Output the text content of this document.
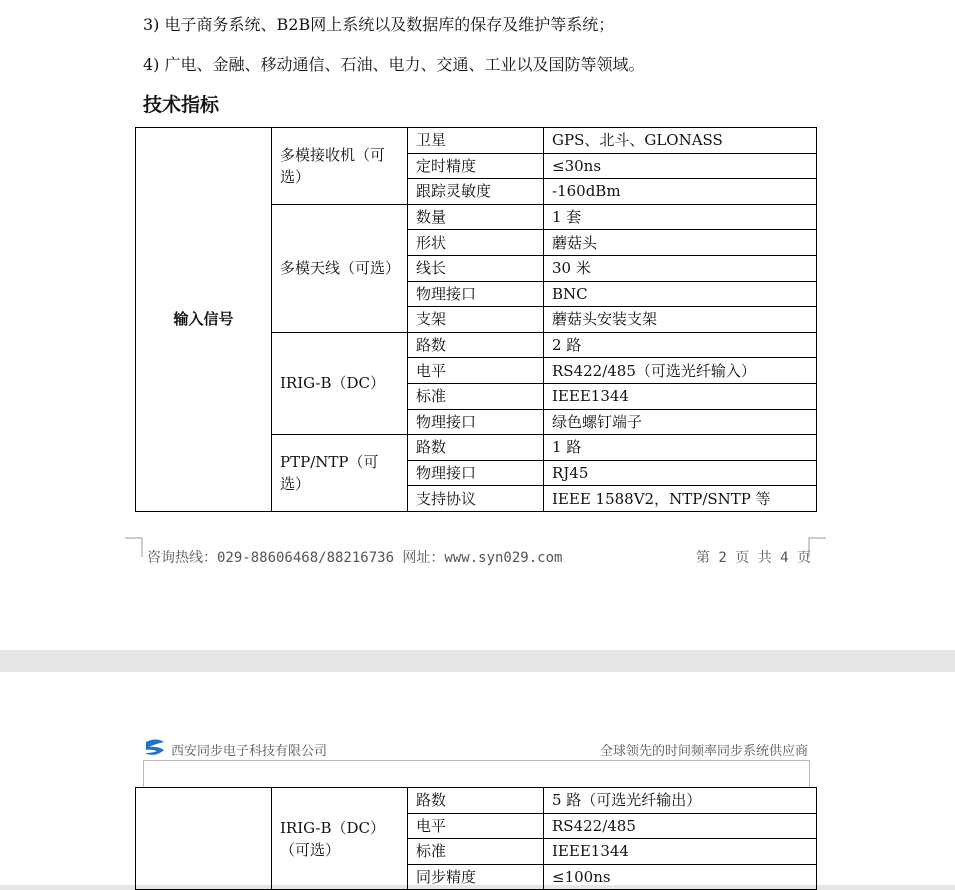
3) 电子商务系统、B2B网上系统以及数据库的保存及维护等系统；
4) 广电、金融、移动通信、石油、电力、交通、工业以及国防等领域。
技术指标
输入信号	多模接收机（可选）	卫星	GPS、北斗、GLONASS
		定时精度	≤30ns
		跟踪灵敏度	-160dBm
	多模天线（可选）	数量	1 套
		形状	蘑菇头
		线长	30 米
		物理接口	BNC
		支架	蘑菇头安装支架
	IRIG-B（DC）	路数	2 路
		电平	RS422/485（可选光纤输入）
		标准	IEEE1344
		物理接口	绿色螺钉端子
	PTP/NTP（可选）	路数	1 路
		物理接口	RJ45
		支持协议	IEEE 1588V2，NTP/SNTP 等
咨询热线：029-88606468/88216736 网址：www.syn029.com	第 2 页 共 4 页
西安同步电子科技有限公司	全球领先的时间频率同步系统供应商
	IRIG-B（DC）（可选）	路数	5 路（可选光纤输出）
		电平	RS422/485
		标准	IEEE1344
		同步精度	≤100ns
